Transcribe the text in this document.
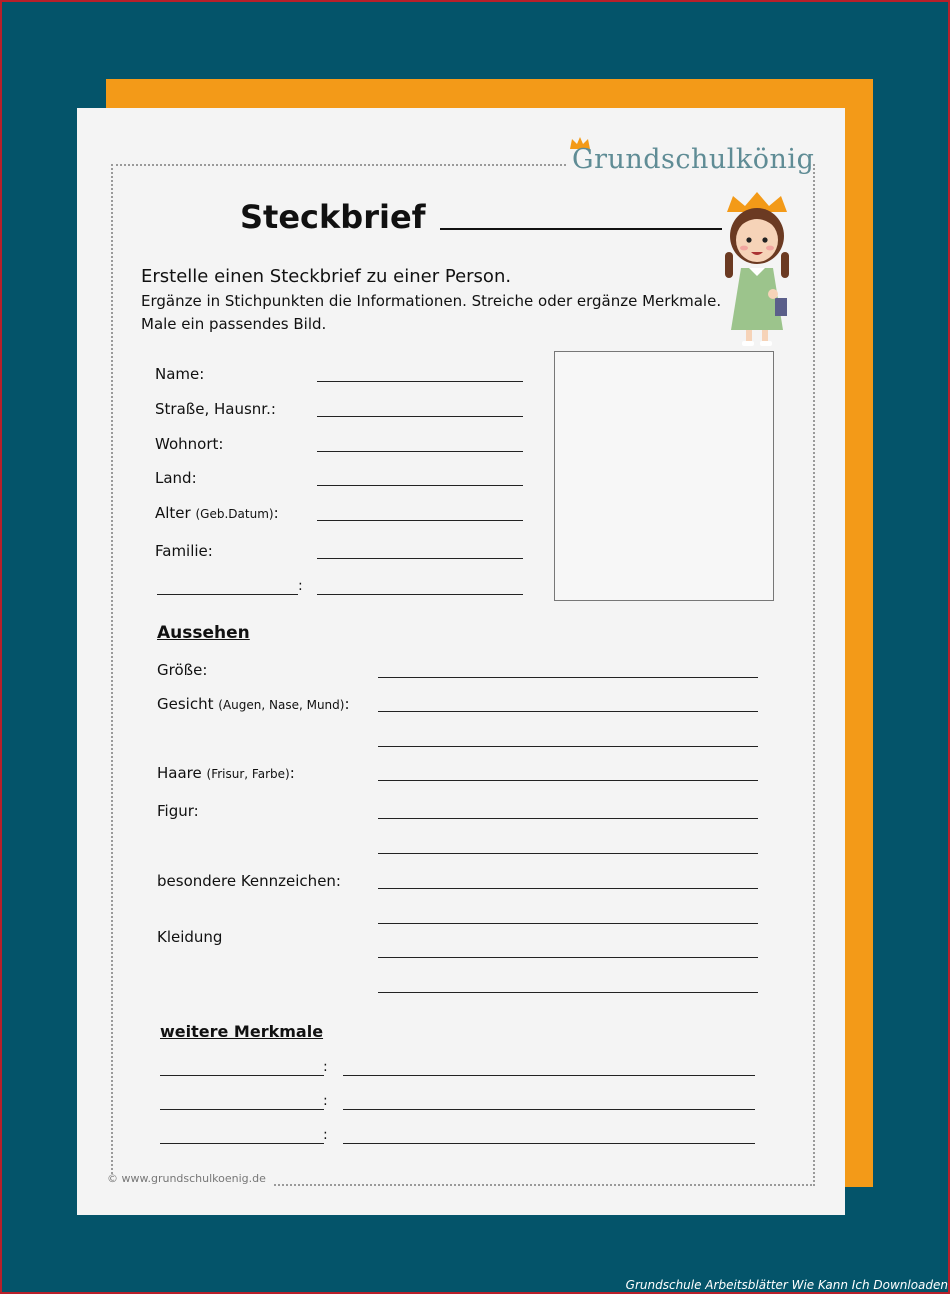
Grundschulkönig
Steckbrief
Erstelle einen Steckbrief zu einer Person.
Ergänze in Stichpunkten die Informationen. Streiche oder ergänze Merkmale.
Male ein passendes Bild.
Name:
Straße, Hausnr.:
Wohnort:
Land:
Alter (Geb.Datum):
Familie:
:
Aussehen
Größe:
Gesicht (Augen, Nase, Mund):
Haare (Frisur, Farbe):
Figur:
besondere Kennzeichen:
Kleidung
weitere Merkmale
:
:
:
© www.grundschulkoenig.de
Grundschule Arbeitsblätter Wie Kann Ich Downloaden
